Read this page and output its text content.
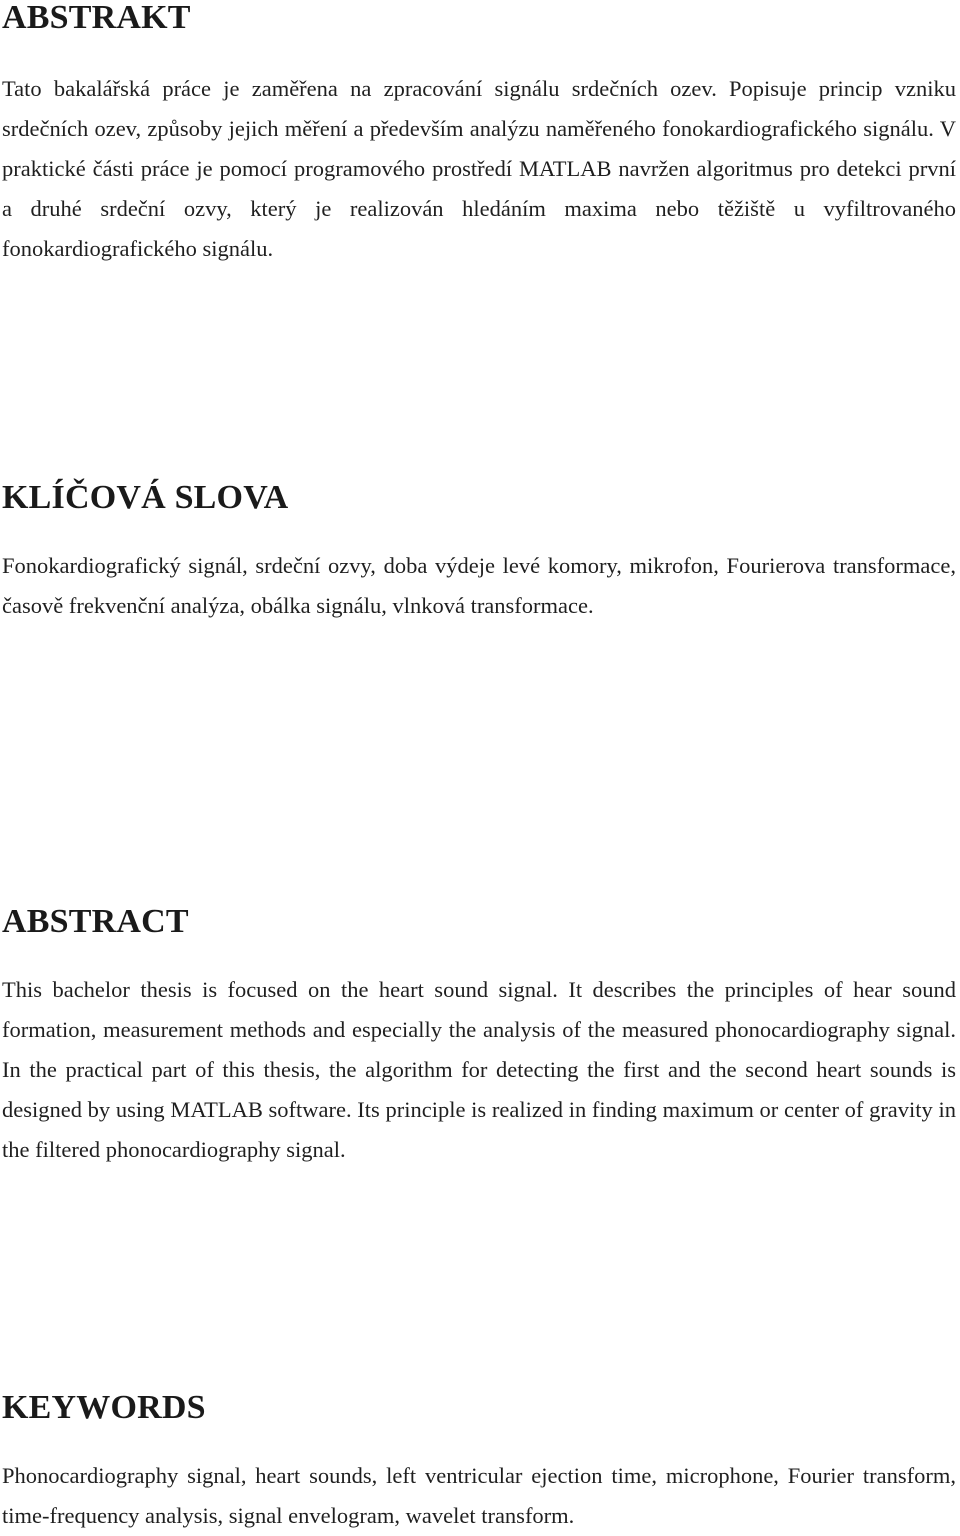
ABSTRAKT

Tato bakalářská práce je zaměřena na zpracování signálu srdečních ozev. Popisuje princip vzniku srdečních ozev, způsoby jejich měření a především analýzu naměřeného fonokardiografického signálu. V praktické části práce je pomocí programového prostředí MATLAB navržen algoritmus pro detekci první a druhé srdeční ozvy, který je realizován hledáním maxima nebo těžiště u vyfiltrovaného fonokardiografického signálu.

KLÍČOVÁ SLOVA

Fonokardiografický signál, srdeční ozvy, doba výdeje levé komory, mikrofon, Fourierova transformace, časově frekvenční analýza, obálka signálu, vlnková transformace.

ABSTRACT

This bachelor thesis is focused on the heart sound signal. It describes the principles of hear sound formation, measurement methods and especially the analysis of the measured phonocardiography signal. In the practical part of this thesis, the algorithm for detecting the first and the second heart sounds is designed by using MATLAB software. Its principle is realized in finding maximum or center of gravity in the filtered phonocardiography signal.

KEYWORDS

Phonocardiography signal, heart sounds, left ventricular ejection time, microphone, Fourier transform, time-frequency analysis, signal envelogram, wavelet transform.
